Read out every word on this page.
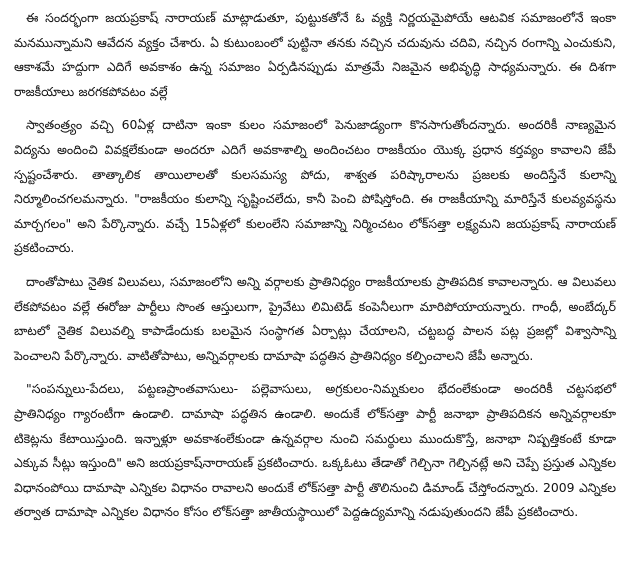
ఈ సందర్భంగా జయప్రకాష్ నారాయణ్ మాట్లాడుతూ, పుట్టుకతోనే ఓ వ్యక్తి నిర్ణయమైపోయే ఆటవిక సమాజంలోనే ఇంకా మనమున్నామని ఆవేదన వ్యక్తం చేశారు. ఏ కుటుంబంలో పుట్టినా తనకు నచ్చిన చదువును చదివి, నచ్చిన రంగాన్ని ఎంచుకుని, ఆకాశమే హద్దుగా ఎదిగే అవకాశం ఉన్న సమాజం ఏర్పడినప్పుడు మాత్రమే నిజమైన అభివృద్ధి సాధ్యమన్నారు. ఈ దిశగా రాజకీయాలు జరగకపోవటం వల్లే

స్వాతంత్ర్యం వచ్చి 60ఏళ్ల దాటినా ఇంకా కులం సమాజంలో పెనుజాడ్యంగా కొనసాగుతోందన్నారు. అందరికీ నాణ్యమైన విద్యను అందించి వివక్షలేకుండా అందరూ ఎదిగే అవకాశాల్ని అందించటం రాజకీయం యొక్క ప్రధాన కర్తవ్యం కావాలని జేపీ స్పష్టంచేశారు. తాత్కాలిక తాయిలాలతో కులసమస్య పోదు, శాశ్వత పరిష్కారాలను ప్రజలకు అందిస్తేనే కులాన్ని నిర్మూలించగలమన్నారు. "రాజకీయం కులాన్ని సృష్టించలేదు, కానీ పెంచి పోషిస్తోంది. ఈ రాజకీయాన్ని మారిస్తేనే కులవ్యవస్థను మార్చగలం" అని పేర్కొన్నారు. వచ్చే 15ఏళ్లలో కులంలేని సమాజాన్ని నిర్మించటం లోక్‌సత్తా లక్ష్యమని జయప్రకాష్ నారాయణ్ ప్రకటించారు.

దాంతోపాటు నైతిక విలువలు, సమాజంలోని అన్ని వర్గాలకు ప్రాతినిధ్యం రాజకీయాలకు ప్రాతిపదిక కావాలన్నారు. ఆ విలువలు లేకపోవటం వల్లే ఈరోజు పార్టీలు సొంత ఆస్తులుగా, ప్రైవేటు లిమిటెడ్ కంపెనీలుగా మారిపోయాయన్నారు. గాంధీ, అంబేద్కర్ బాటలో నైతిక విలువల్ని కాపాడేందుకు బలమైన సంస్థాగత ఏర్పాట్లు చేయాలని, చట్టబద్ధ పాలన పట్ల ప్రజల్లో విశ్వాసాన్ని పెంచాలని పేర్కొన్నారు. వాటితోపాటు, అన్నివర్గాలకు దామాషా పద్ధతిన ప్రాతినిధ్యం కల్పించాలని జేపీ అన్నారు.

"సంపన్నులు-పేదలు, పట్టణప్రాంతవాసులు- పల్లెవాసులు, అగ్రకులం-నిమ్నకులం భేదంలేకుండా అందరికీ చట్టసభలో ప్రాతినిధ్యం గ్యారంటీగా ఉండాలి. దామాషా పద్ధతిన ఉండాలి. అందుకే లోక్‌సత్తా పార్టీ జనాభా ప్రాతిపదికన అన్నివర్గాలకూ టికెట్లను కేటాయిస్తుంది. ఇన్నాళ్లూ అవకాశంలేకుండా ఉన్నవర్గాల నుంచి సమర్థులు ముందుకొస్తే, జనాభా నిష్పత్తికంటే కూడా ఎక్కువ సీట్లు ఇస్తుంది" అని జయప్రకాష్‌నారాయణ్ ప్రకటించారు. ఒక్కఓటు తేడాతో గెల్చినా గెల్చినట్లే అని చెప్పే ప్రస్తుత ఎన్నికల విధానంపోయి దామాషా ఎన్నికల విధానం రావాలని అందుకే లోక్‌సత్తా పార్టీ తొలినుంచి డిమాండ్ చేస్తోందన్నారు. 2009 ఎన్నికల తర్వాత దామాషా ఎన్నికల విధానం కోసం లోక్‌సత్తా జాతీయస్థాయిలో పెద్దఉద్యమాన్ని నడుపుతుందని జేపీ ప్రకటించారు.
